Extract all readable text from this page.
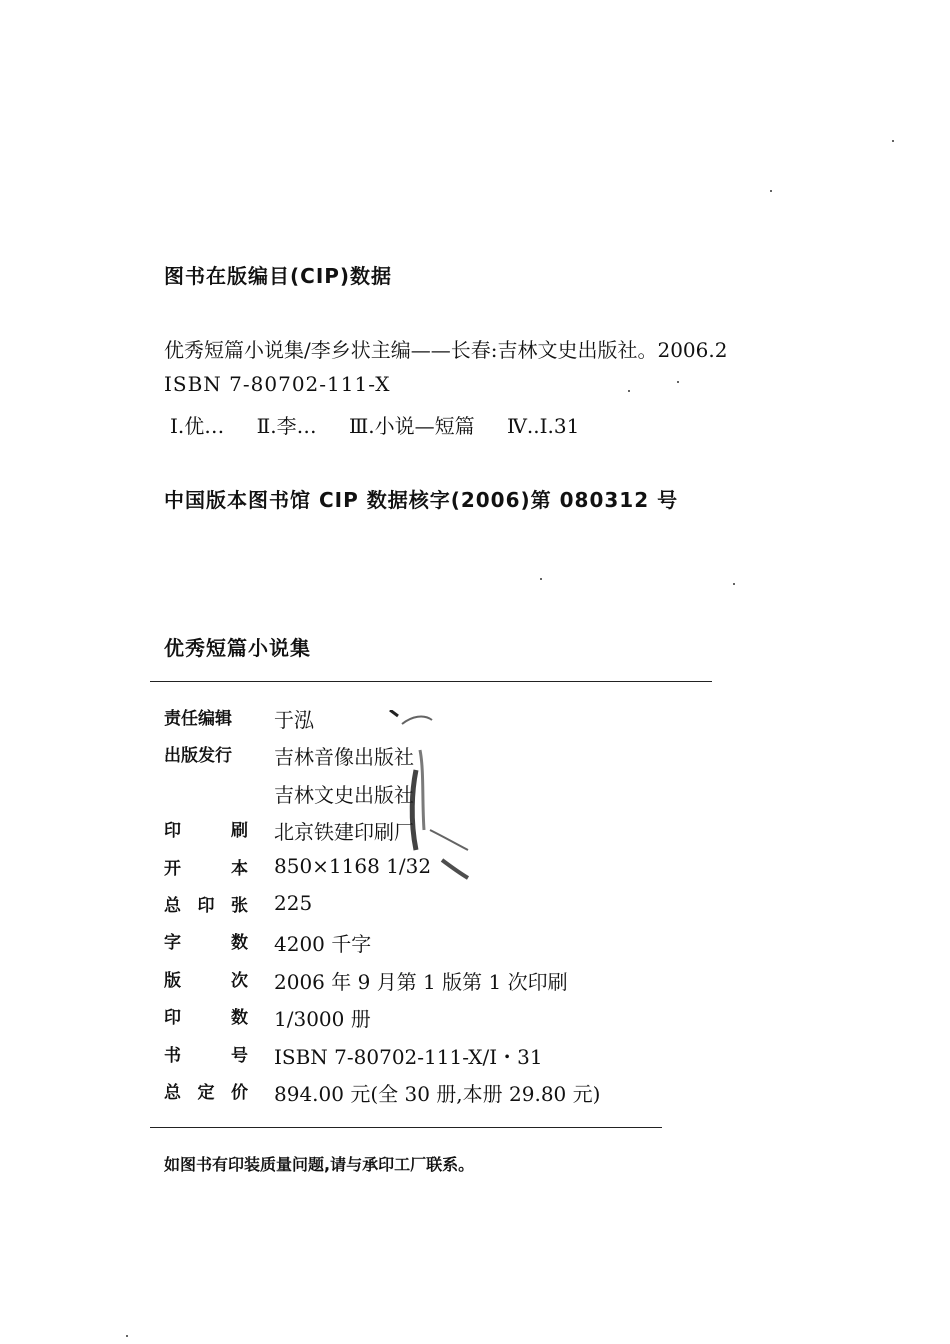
图书在版编目(CIP)数据
优秀短篇小说集/李乡状主编——长春:吉林文史出版社。2006.2
ISBN 7-80702-111-X
I.优… Ⅱ.李… Ⅲ.小说—短篇 Ⅳ..I.31
中国版本图书馆 CIP 数据核字(2006)第 080312 号
优秀短篇小说集
责任编辑 于泓
出版发行 吉林音像出版社
吉林文史出版社
印	刷 北京铁建印刷厂
开	本 850×1168 1/32
总 印 张 225
字	数 4200 千字
版	次 2006 年 9 月第 1 版第 1 次印刷
印	数 1/3000 册
书	号 ISBN 7-80702-111-X/I・31
总 定 价 894.00 元(全 30 册,本册 29.80 元)
如图书有印装质量问题,请与承印工厂联系。
